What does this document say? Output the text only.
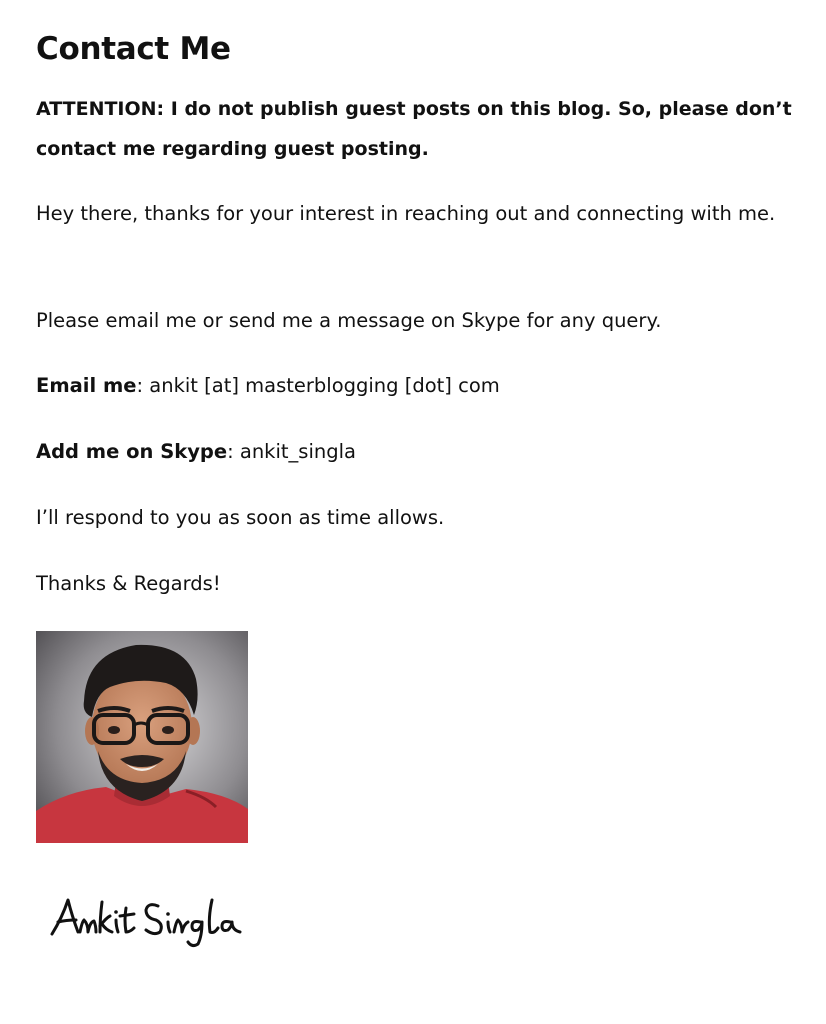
Contact Me

ATTENTION: I do not publish guest posts on this blog. So, please don’t contact me regarding guest posting.

Hey there, thanks for your interest in reaching out and connecting with me.

Please email me or send me a message on Skype for any query.

Email me: ankit [at] masterblogging [dot] com

Add me on Skype: ankit_singla

I’ll respond to you as soon as time allows.

Thanks & Regards!
